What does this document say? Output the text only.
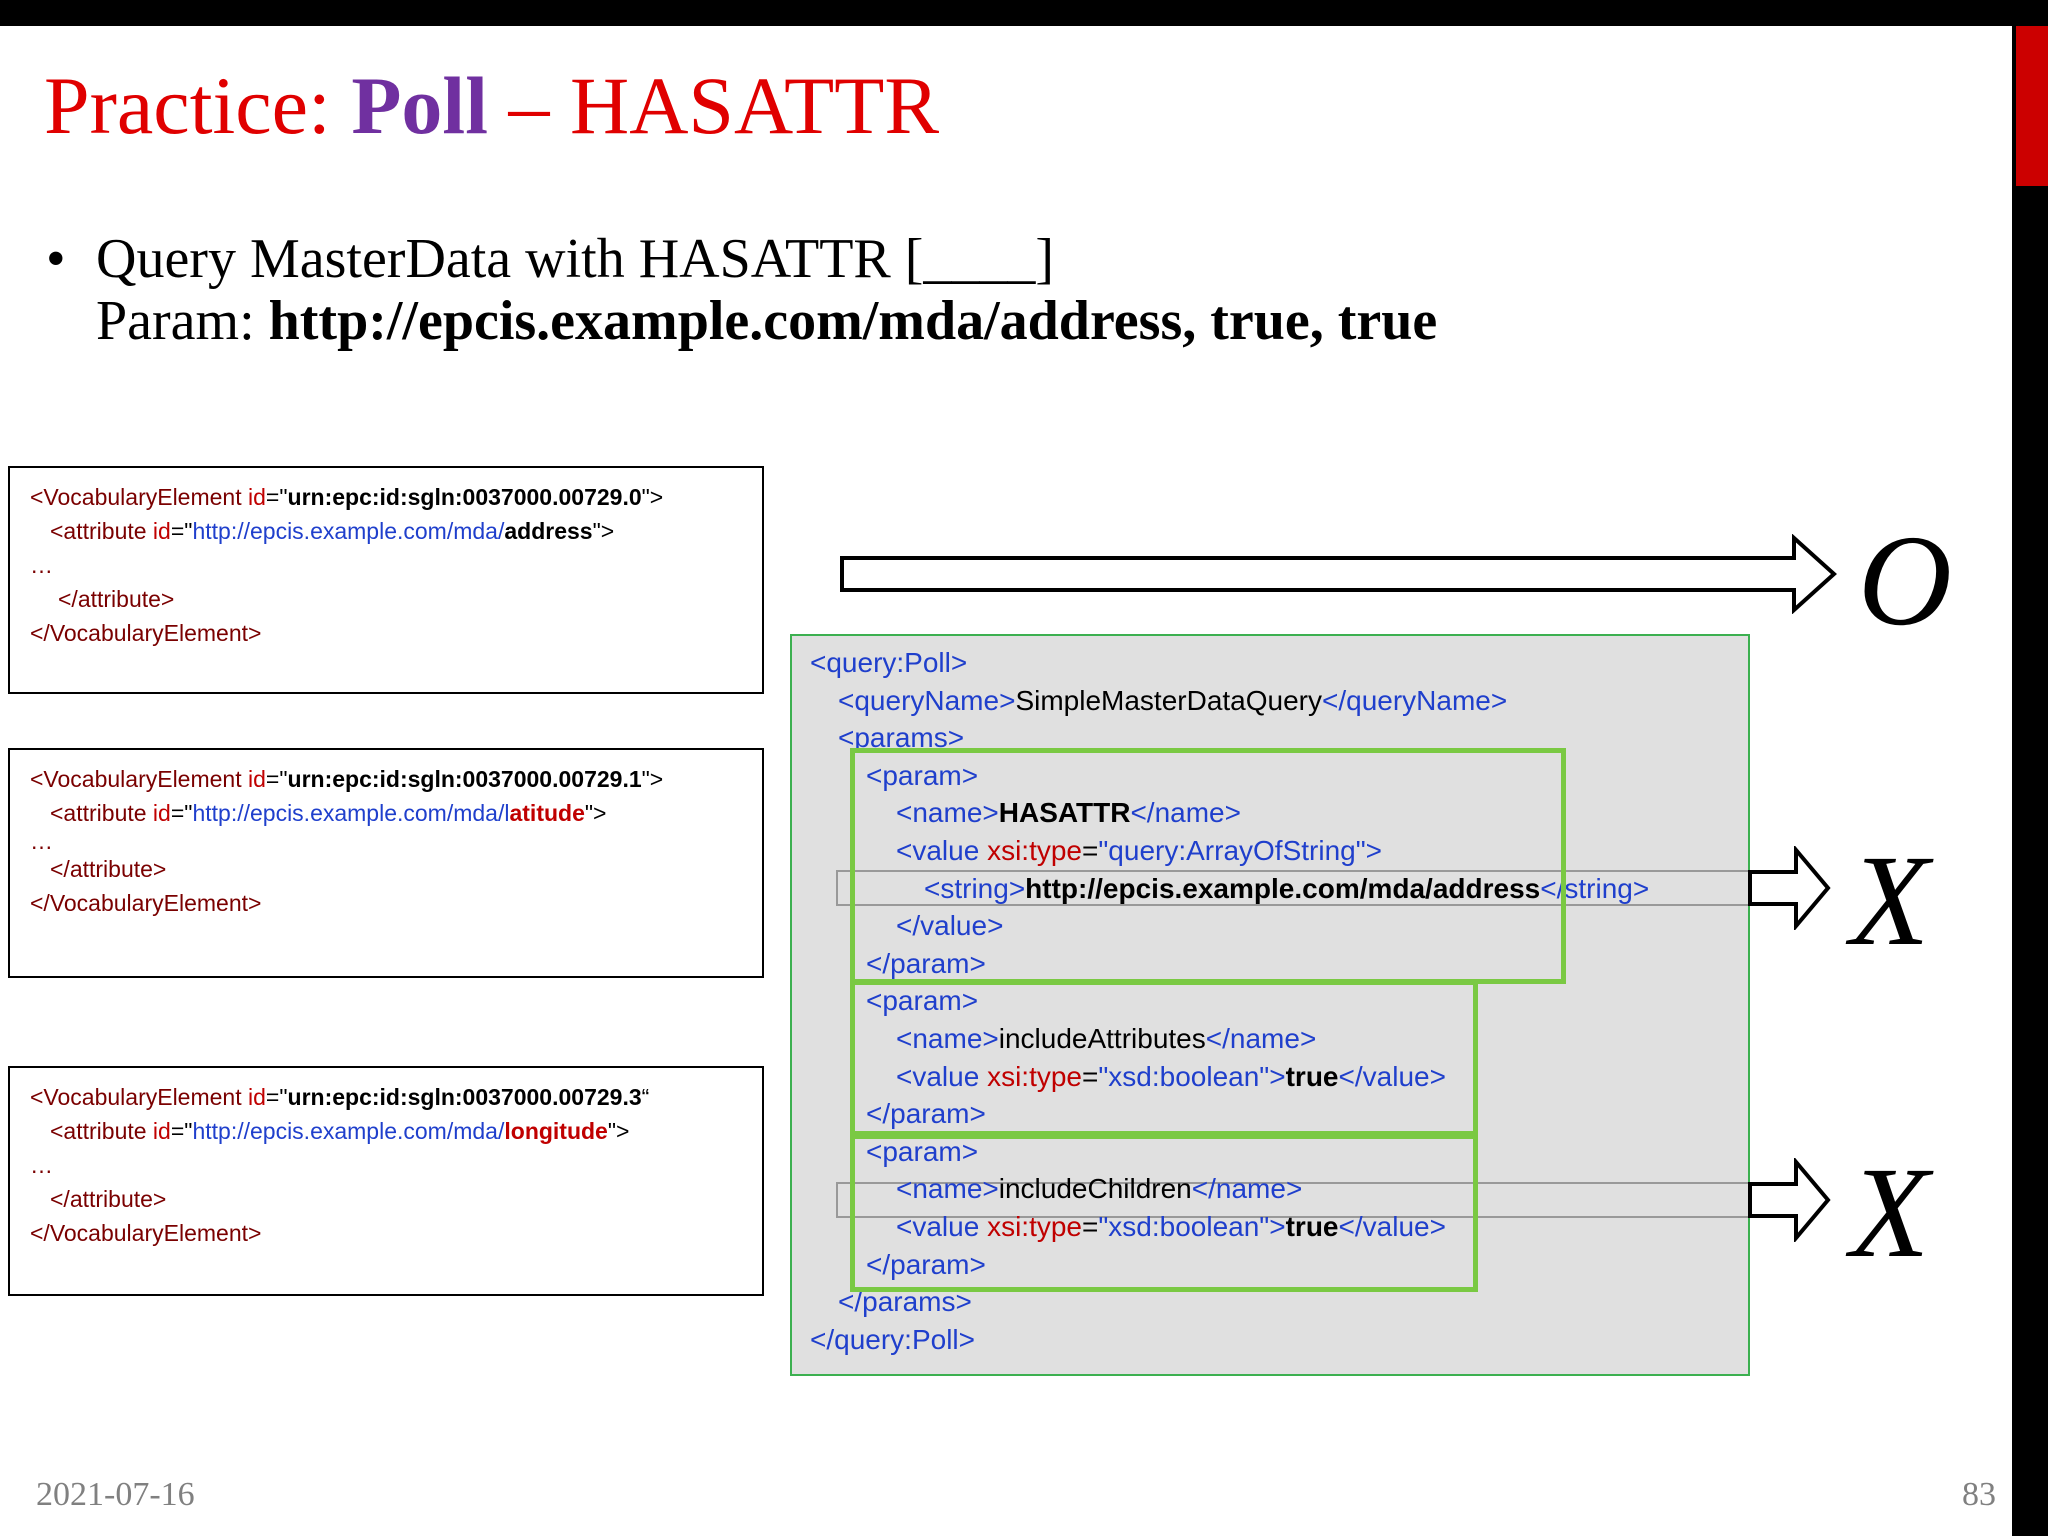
Practice: Poll – HASATTR
• Query MasterData with HASATTR [____]
Param: http://epcis.example.com/mda/address, true, true
<VocabularyElement id="urn:epc:id:sgln:0037000.00729.0">
<attribute id="http://epcis.example.com/mda/address">
…
</attribute>
</VocabularyElement>
<VocabularyElement id="urn:epc:id:sgln:0037000.00729.1">
<attribute id="http://epcis.example.com/mda/latitude">
…
</attribute>
</VocabularyElement>
<VocabularyElement id="urn:epc:id:sgln:0037000.00729.3“
<attribute id="http://epcis.example.com/mda/longitude">
…
</attribute>
</VocabularyElement>
O
<query:Poll>
<queryName>SimpleMasterDataQuery</queryName>
<params>
<param>
<name>HASATTR</name>
<value xsi:type="query:ArrayOfString">
<string>http://epcis.example.com/mda/address</string>
</value>
</param>
<param>
<name>includeAttributes</name>
<value xsi:type="xsd:boolean">true</value>
</param>
<param>
<name>includeChildren</name>
<value xsi:type="xsd:boolean">true</value>
</param>
</params>
</query:Poll>
X
X
2021-07-16	83
